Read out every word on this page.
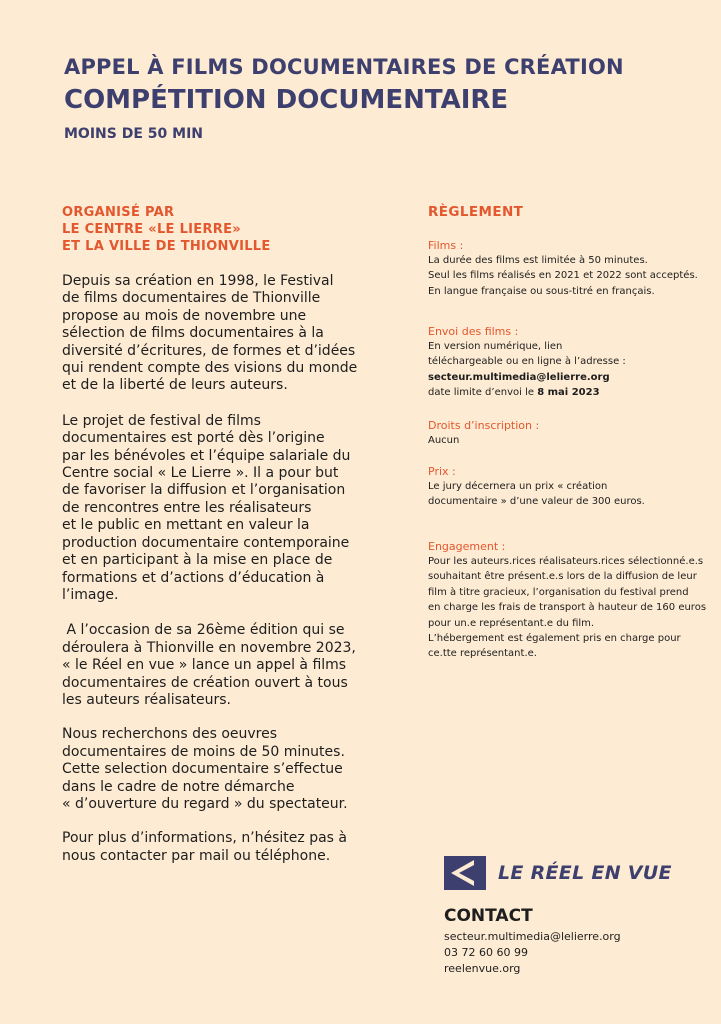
APPEL À FILMS DOCUMENTAIRES DE CRÉATION
COMPÉTITION DOCUMENTAIRE
MOINS DE 50 MIN
ORGANISÉ PAR
LE CENTRE «LE LIERRE»
ET LA VILLE DE THIONVILLE
Depuis sa création en 1998, le Festival
de films documentaires de Thionville
propose au mois de novembre une
sélection de films documentaires à la
diversité d’écritures, de formes et d’idées
qui rendent compte des visions du monde
et de la liberté de leurs auteurs.
Le projet de festival de films
documentaires est porté dès l’origine
par les bénévoles et l’équipe salariale du
Centre social « Le Lierre ». Il a pour but
de favoriser la diffusion et l’organisation
de rencontres entre les réalisateurs
et le public en mettant en valeur la
production documentaire contemporaine
et en participant à la mise en place de
formations et d’actions d’éducation à
l’image.
A l’occasion de sa 26ème édition qui se
déroulera à Thionville en novembre 2023,
« le Réel en vue » lance un appel à films
documentaires de création ouvert à tous
les auteurs réalisateurs.
Nous recherchons des oeuvres
documentaires de moins de 50 minutes.
Cette selection documentaire s’effectue
dans le cadre de notre démarche
« d’ouverture du regard » du spectateur.
Pour plus d’informations, n’hésitez pas à
nous contacter par mail ou téléphone.
RÈGLEMENT
Films :
La durée des films est limitée à 50 minutes.
Seul les films réalisés en 2021 et 2022 sont acceptés.
En langue française ou sous-titré en français.
Envoi des films :
En version numérique, lien
téléchargeable ou en ligne à l’adresse :
secteur.multimedia@lelierre.org
date limite d’envoi le 8 mai 2023
Droits d’inscription :
Aucun
Prix :
Le jury décernera un prix « création
documentaire » d’une valeur de 300 euros.
Engagement :
Pour les auteurs.rices réalisateurs.rices sélectionné.e.s
souhaitant être présent.e.s lors de la diffusion de leur
film à titre gracieux, l’organisation du festival prend
en charge les frais de transport à hauteur de 160 euros
pour un.e représentant.e du film.
L’hébergement est également pris en charge pour
ce.tte représentant.e.
LE RÉEL EN VUE
CONTACT
secteur.multimedia@lelierre.org
03 72 60 60 99
reelenvue.org
